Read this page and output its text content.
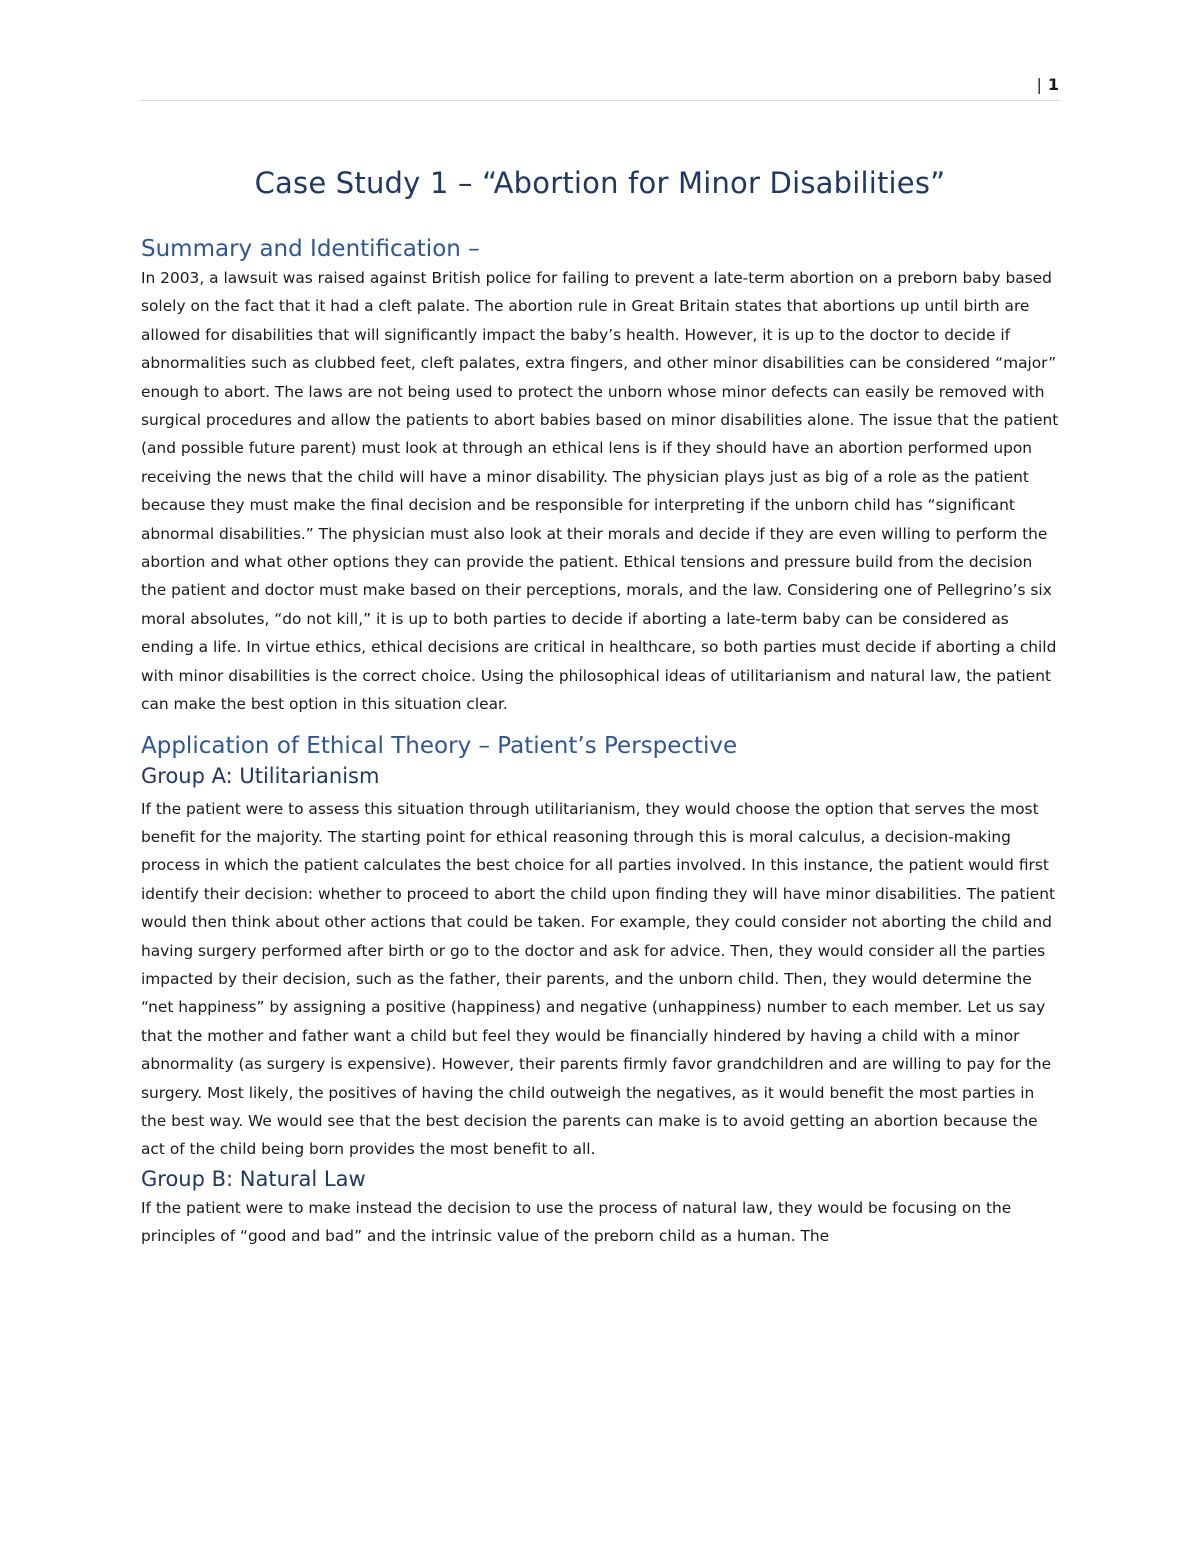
| 1
Case Study 1 – “Abortion for Minor Disabilities”
Summary and Identification –

In 2003, a lawsuit was raised against British police for failing to prevent a late-term abortion on a preborn baby based solely on the fact that it had a cleft palate. The abortion rule in Great Britain states that abortions up until birth are allowed for disabilities that will significantly impact the baby’s health. However, it is up to the doctor to decide if abnormalities such as clubbed feet, cleft palates, extra fingers, and other minor disabilities can be considered “major” enough to abort. The laws are not being used to protect the unborn whose minor defects can easily be removed with surgical procedures and allow the patients to abort babies based on minor disabilities alone. The issue that the patient (and possible future parent) must look at through an ethical lens is if they should have an abortion performed upon receiving the news that the child will have a minor disability. The physician plays just as big of a role as the patient because they must make the final decision and be responsible for interpreting if the unborn child has “significant abnormal disabilities.” The physician must also look at their morals and decide if they are even willing to perform the abortion and what other options they can provide the patient. Ethical tensions and pressure build from the decision the patient and doctor must make based on their perceptions, morals, and the law. Considering one of Pellegrino’s six moral absolutes, “do not kill,” it is up to both parties to decide if aborting a late-term baby can be considered as ending a life. In virtue ethics, ethical decisions are critical in healthcare, so both parties must decide if aborting a child with minor disabilities is the correct choice. Using the philosophical ideas of utilitarianism and natural law, the patient can make the best option in this situation clear.

Application of Ethical Theory – Patient’s Perspective
Group A: Utilitarianism

If the patient were to assess this situation through utilitarianism, they would choose the option that serves the most benefit for the majority. The starting point for ethical reasoning through this is moral calculus, a decision-making process in which the patient calculates the best choice for all parties involved. In this instance, the patient would first identify their decision: whether to proceed to abort the child upon finding they will have minor disabilities. The patient would then think about other actions that could be taken. For example, they could consider not aborting the child and having surgery performed after birth or go to the doctor and ask for advice. Then, they would consider all the parties impacted by their decision, such as the father, their parents, and the unborn child. Then, they would determine the “net happiness” by assigning a positive (happiness) and negative (unhappiness) number to each member. Let us say that the mother and father want a child but feel they would be financially hindered by having a child with a minor abnormality (as surgery is expensive). However, their parents firmly favor grandchildren and are willing to pay for the surgery. Most likely, the positives of having the child outweigh the negatives, as it would benefit the most parties in the best way. We would see that the best decision the parents can make is to avoid getting an abortion because the act of the child being born provides the most benefit to all.

Group B: Natural Law

If the patient were to make instead the decision to use the process of natural law, they would be focusing on the principles of “good and bad” and the intrinsic value of the preborn child as a human. The
